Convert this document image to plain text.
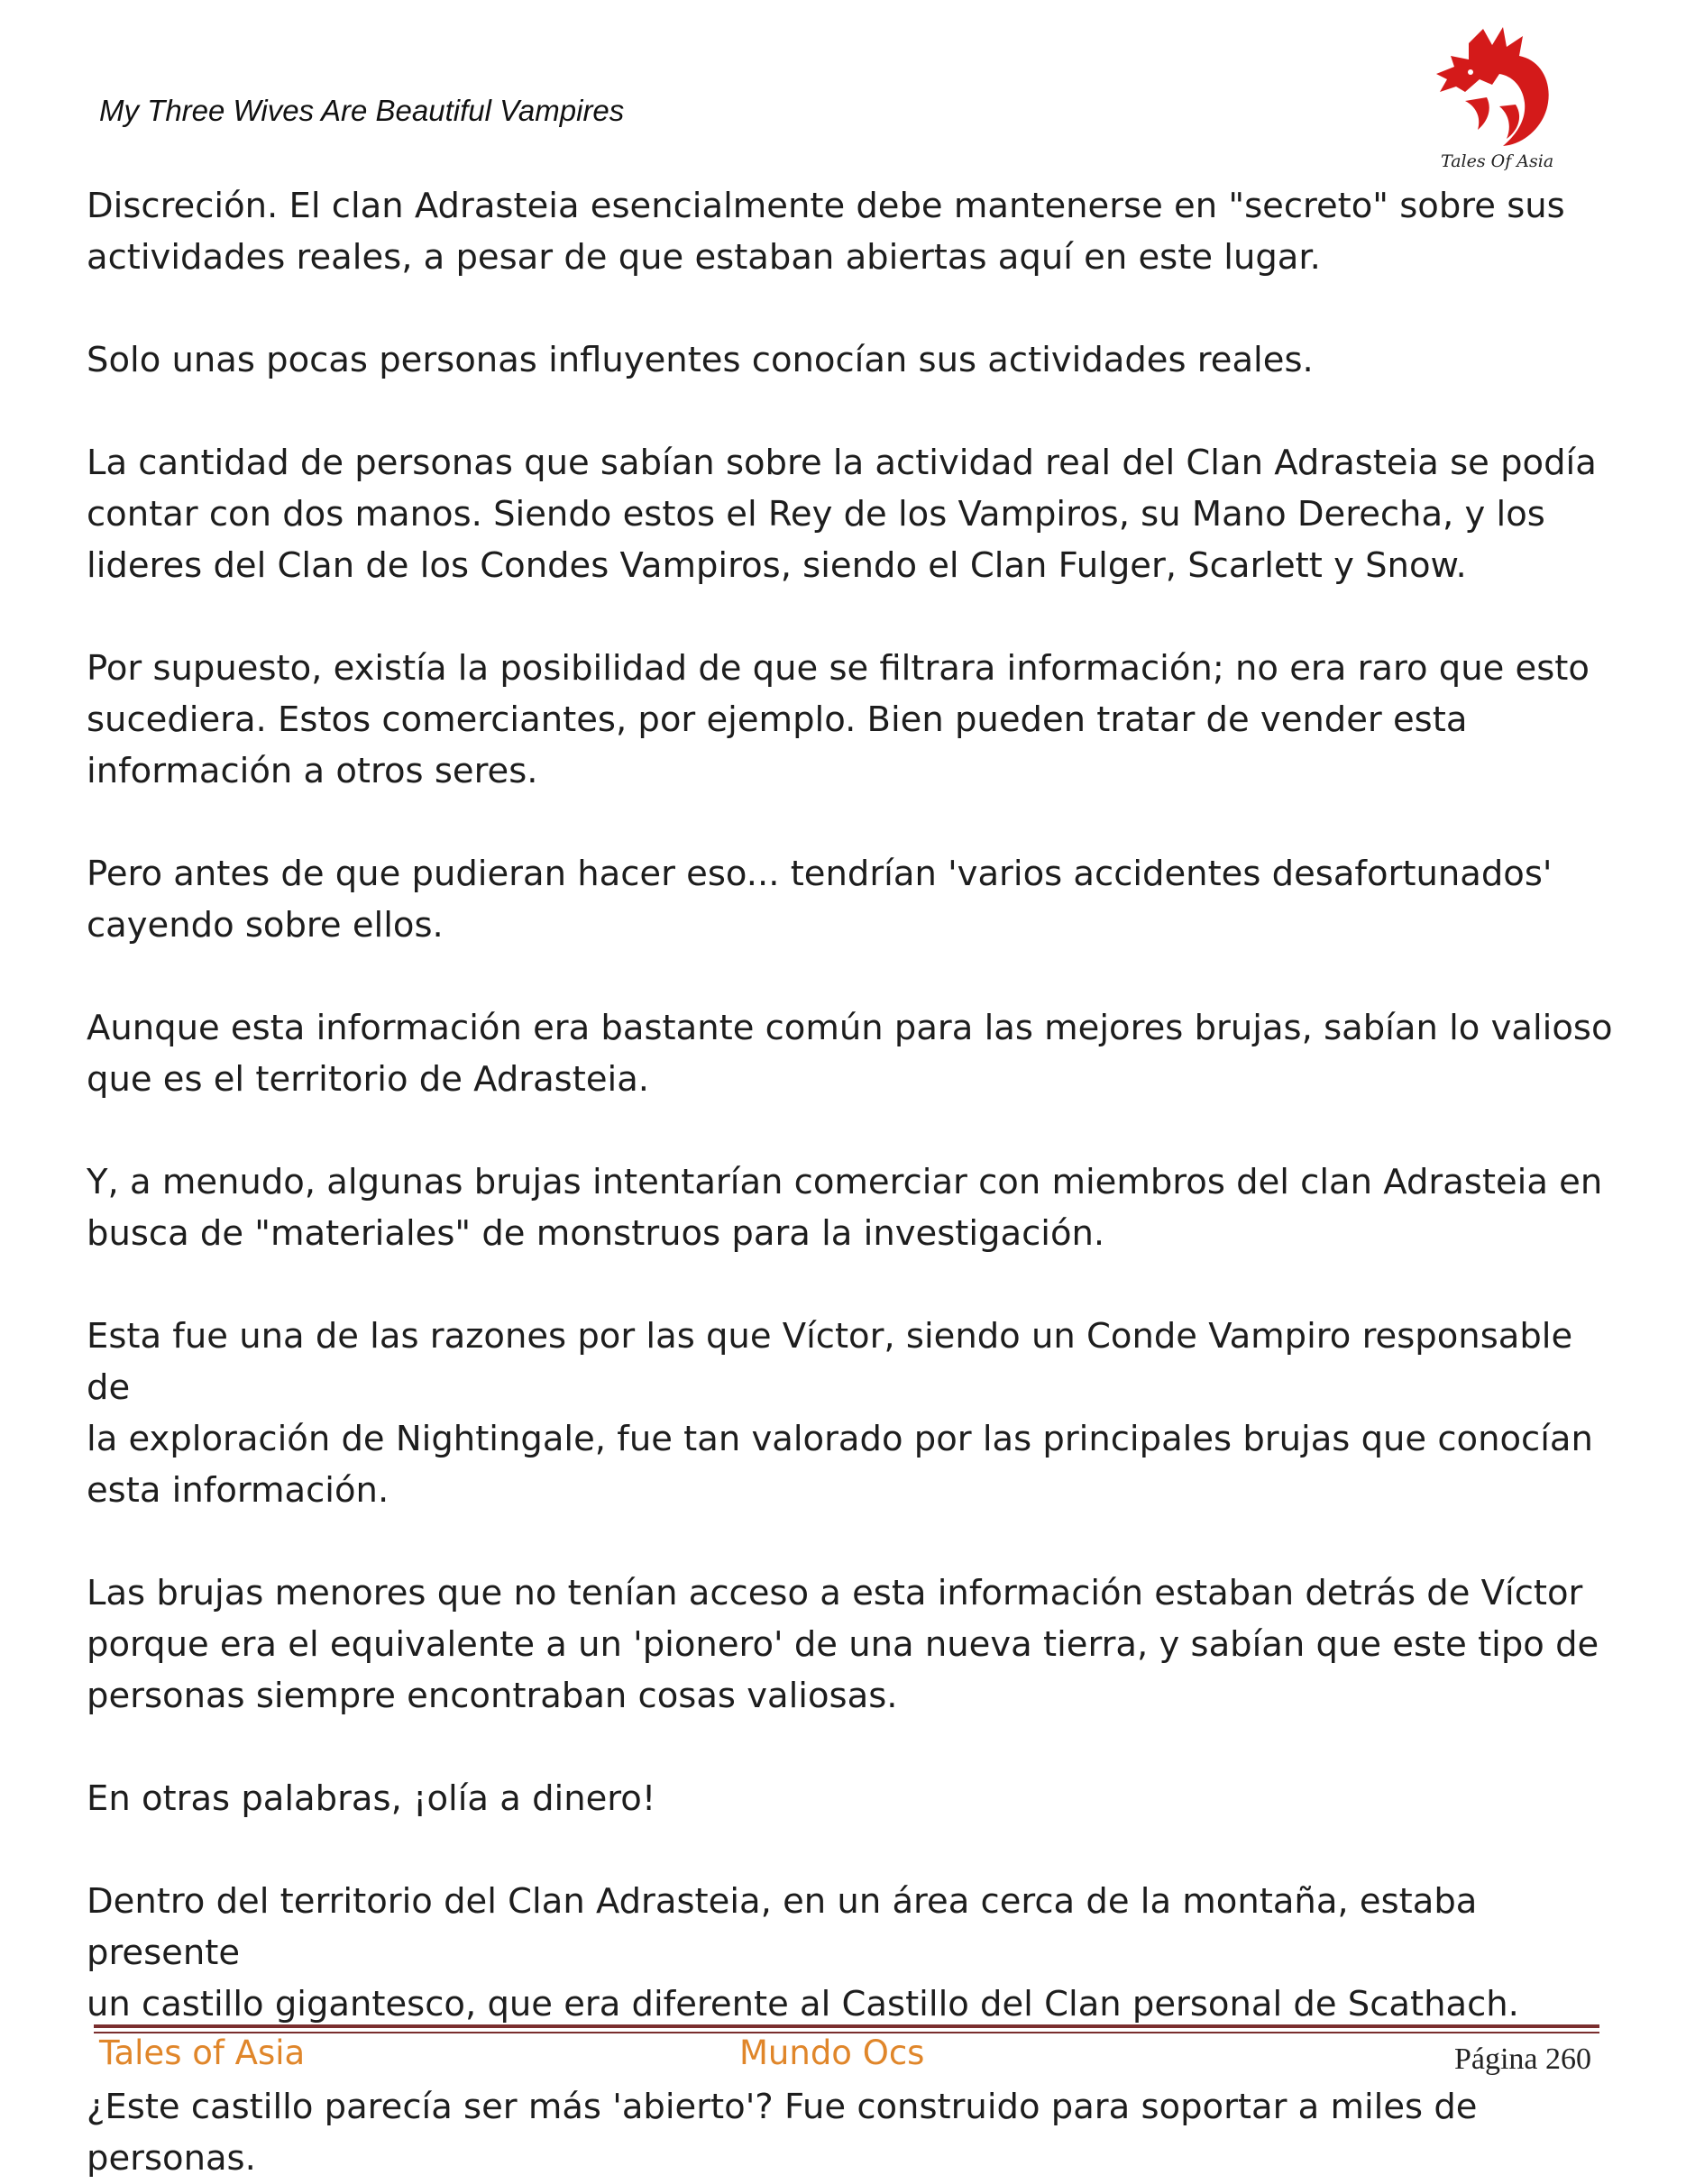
My Three Wives Are Beautiful Vampires
Tales Of Asia

Discreción. El clan Adrasteia esencialmente debe mantenerse en "secreto" sobre sus
actividades reales, a pesar de que estaban abiertas aquí en este lugar.

Solo unas pocas personas influyentes conocían sus actividades reales.

La cantidad de personas que sabían sobre la actividad real del Clan Adrasteia se podía
contar con dos manos. Siendo estos el Rey de los Vampiros, su Mano Derecha, y los
lideres del Clan de los Condes Vampiros, siendo el Clan Fulger, Scarlett y Snow.

Por supuesto, existía la posibilidad de que se filtrara información; no era raro que esto
sucediera. Estos comerciantes, por ejemplo. Bien pueden tratar de vender esta
información a otros seres.

Pero antes de que pudieran hacer eso... tendrían 'varios accidentes desafortunados'
cayendo sobre ellos.

Aunque esta información era bastante común para las mejores brujas, sabían lo valioso
que es el territorio de Adrasteia.

Y, a menudo, algunas brujas intentarían comerciar con miembros del clan Adrasteia en
busca de "materiales" de monstruos para la investigación.

Esta fue una de las razones por las que Víctor, siendo un Conde Vampiro responsable de
la exploración de Nightingale, fue tan valorado por las principales brujas que conocían
esta información.

Las brujas menores que no tenían acceso a esta información estaban detrás de Víctor
porque era el equivalente a un 'pionero' de una nueva tierra, y sabían que este tipo de
personas siempre encontraban cosas valiosas.

En otras palabras, ¡olía a dinero!

Dentro del territorio del Clan Adrasteia, en un área cerca de la montaña, estaba presente
un castillo gigantesco, que era diferente al Castillo del Clan personal de Scathach.

¿Este castillo parecía ser más 'abierto'? Fue construido para soportar a miles de personas.

Tales of Asia	Mundo Ocs	Página 260
